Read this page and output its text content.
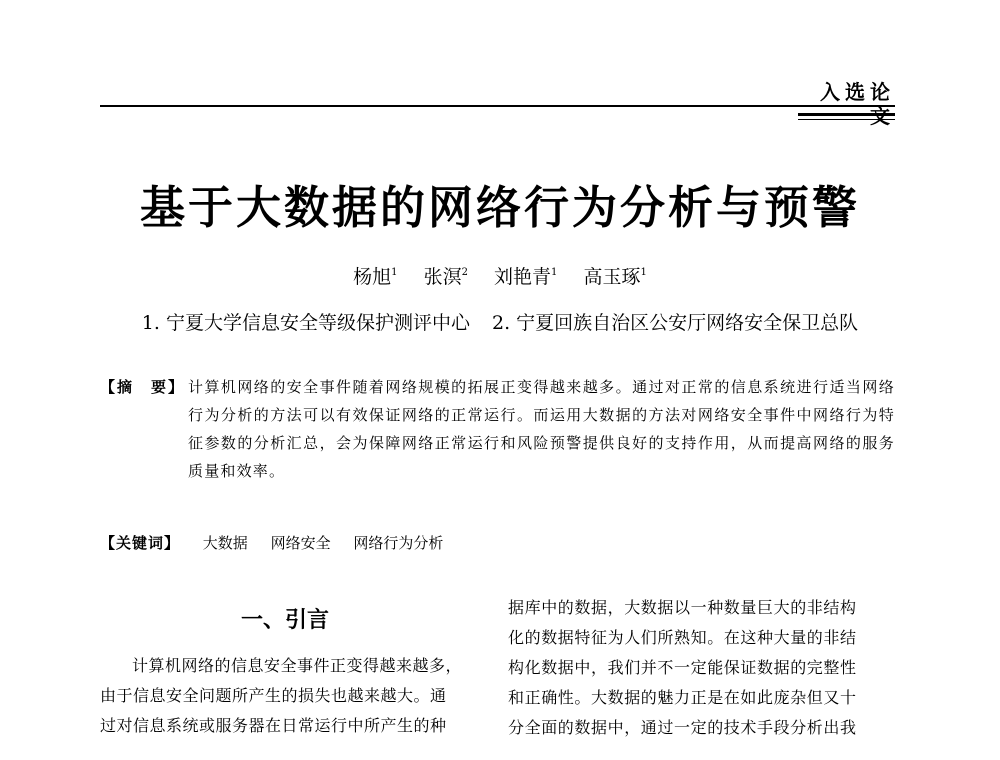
入选论文
基于大数据的网络行为分析与预警
杨旭$^1$ 张溟$^2$ 刘艳青$^1$ 高玉琢$^1$
1. 宁夏大学信息安全等级保护测评中心 2. 宁夏回族自治区公安厅网络安全保卫总队
【摘　要】 计算机网络的安全事件随着网络规模的拓展正变得越来越多。通过对正常的信息系统进行适当网络行为分析的方法可以有效保证网络的正常运行。而运用大数据的方法对网络安全事件中网络行为特征参数的分析汇总，会为保障网络正常运行和风险预警提供良好的支持作用，从而提高网络的服务质量和效率。
【关键词】 大数据 网络安全 网络行为分析
一、引言
计算机网络的信息安全事件正变得越来越多，
由于信息安全问题所产生的损失也越来越大。通
过对信息系统或服务器在日常运行中所产生的种
据库中的数据，大数据以一种数量巨大的非结构
化的数据特征为人们所熟知。在这种大量的非结
构化数据中，我们并不一定能保证数据的完整性
和正确性。大数据的魅力正是在如此庞杂但又十
分全面的数据中，通过一定的技术手段分析出我
